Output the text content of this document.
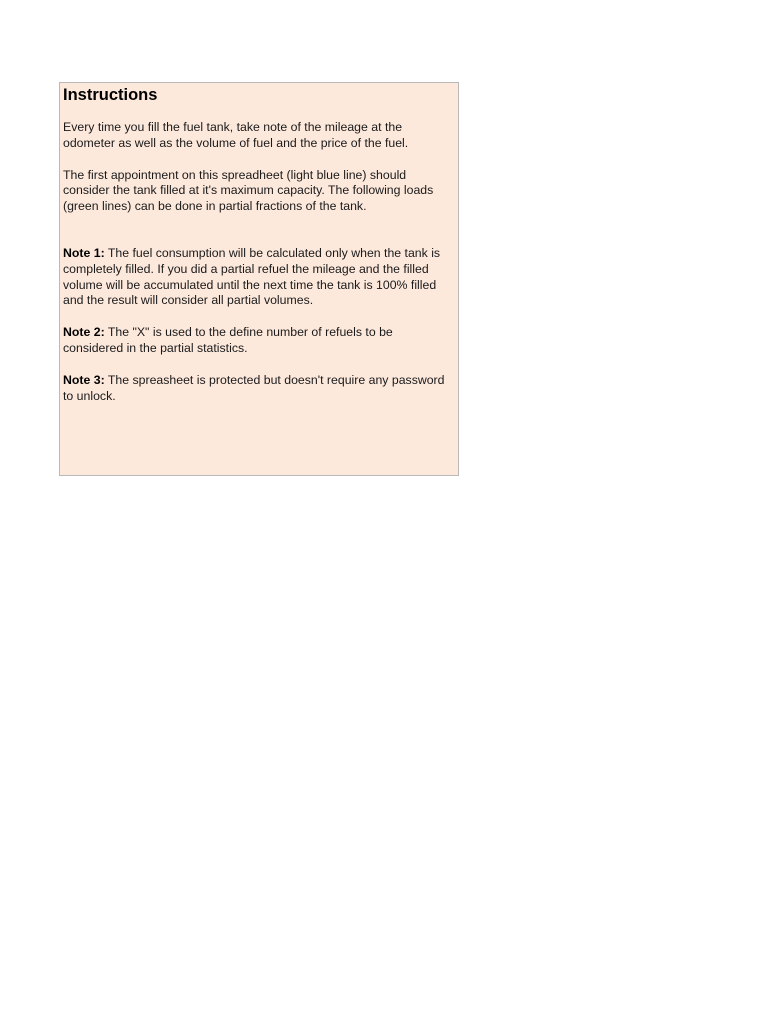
Instructions

Every time you fill the fuel tank, take note of the mileage at the odometer as well as the volume of fuel and the price of the fuel.

The first appointment on this spreadheet (light blue line) should consider the tank filled at it's maximum capacity. The following loads (green lines) can be done in partial fractions of the tank.

Note 1: The fuel consumption will be calculated only when the tank is completely filled. If you did a partial refuel the mileage and the filled volume will be accumulated until the next time the tank is 100% filled and the result will consider all partial volumes.

Note 2: The "X" is used to the define number of refuels to be considered in the partial statistics.

Note 3: The spreasheet is protected but doesn't require any password to unlock.
